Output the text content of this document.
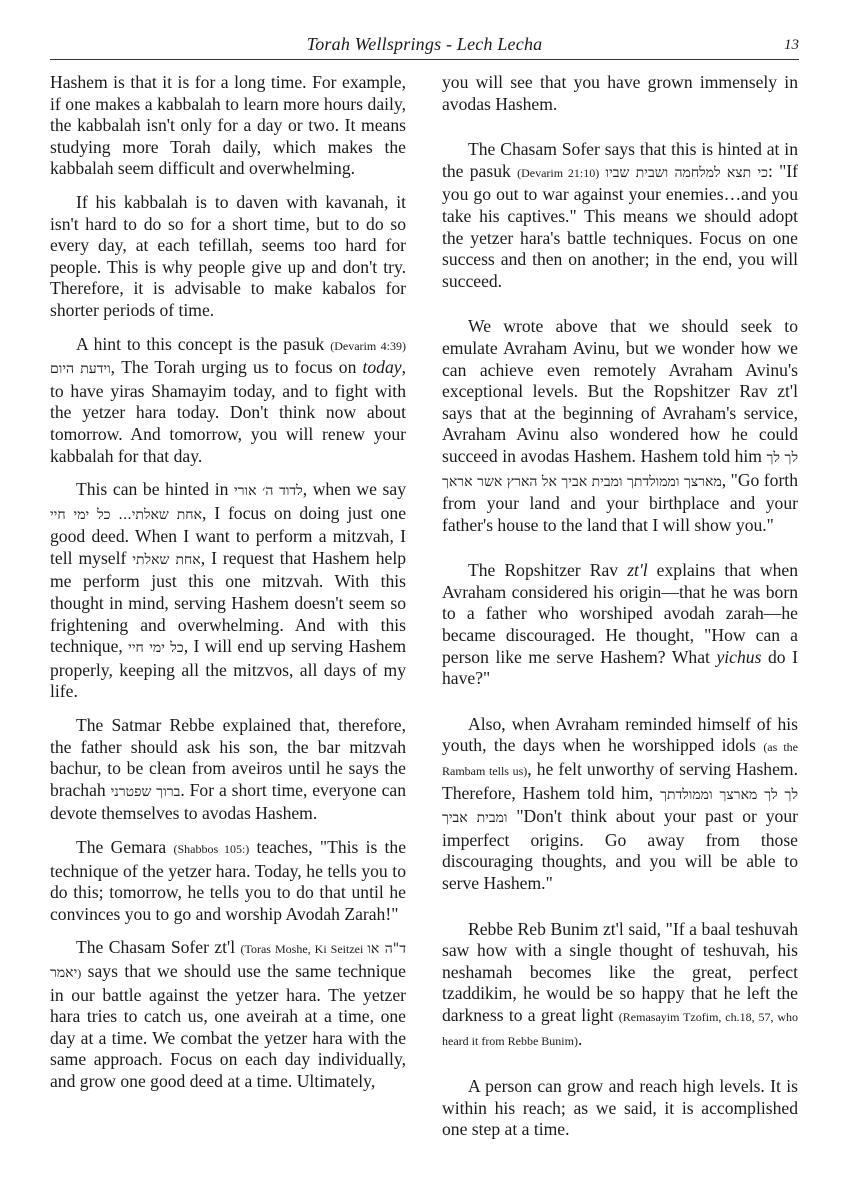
Torah Wellsprings - Lech Lecha	13

Hashem is that it is for a long time. For example, if one makes a kabbalah to learn more hours daily, the kabbalah isn't only for a day or two. It means studying more Torah daily, which makes the kabbalah seem difficult and overwhelming.

If his kabbalah is to daven with kavanah, it isn't hard to do so for a short time, but to do so every day, at each tefillah, seems too hard for people. This is why people give up and don't try. Therefore, it is advisable to make kabalos for shorter periods of time.

A hint to this concept is the pasuk (Devarim 4:39) וידעת היום, The Torah urging us to focus on today, to have yiras Shamayim today, and to fight with the yetzer hara today. Don't think now about tomorrow. And tomorrow, you will renew your kabbalah for that day.

This can be hinted in לדוד ה׳ אורי, when we say אחת שאלתי... כל ימי חיי, I focus on doing just one good deed. When I want to perform a mitzvah, I tell myself אחת שאלתי, I request that Hashem help me perform just this one mitzvah. With this thought in mind, serving Hashem doesn't seem so frightening and overwhelming. And with this technique, כל ימי חיי, I will end up serving Hashem properly, keeping all the mitzvos, all days of my life.

The Satmar Rebbe explained that, therefore, the father should ask his son, the bar mitzvah bachur, to be clean from aveiros until he says the brachah ברוך שפטרני. For a short time, everyone can devote themselves to avodas Hashem.

The Gemara (Shabbos 105:) teaches, "This is the technique of the yetzer hara. Today, he tells you to do this; tomorrow, he tells you to do that until he convinces you to go and worship Avodah Zarah!"

The Chasam Sofer zt'l (Toras Moshe, Ki Seitzei ד"ה או יאמר) says that we should use the same technique in our battle against the yetzer hara. The yetzer hara tries to catch us, one aveirah at a time, one day at a time. We combat the yetzer hara with the same approach. Focus on each day individually, and grow one good deed at a time. Ultimately,

you will see that you have grown immensely in avodas Hashem.

The Chasam Sofer says that this is hinted at in the pasuk (Devarim 21:10) כי תצא למלחמה ושבית שביו: "If you go out to war against your enemies…and you take his captives." This means we should adopt the yetzer hara's battle techniques. Focus on one success and then on another; in the end, you will succeed.

We wrote above that we should seek to emulate Avraham Avinu, but we wonder how we can achieve even remotely Avraham Avinu's exceptional levels. But the Ropshitzer Rav zt'l says that at the beginning of Avraham's service, Avraham Avinu also wondered how he could succeed in avodas Hashem. Hashem told him לך לך מארצך וממולדתך ומבית אביך אל הארץ אשר אראך, "Go forth from your land and your birthplace and your father's house to the land that I will show you."

The Ropshitzer Rav zt'l explains that when Avraham considered his origin—that he was born to a father who worshiped avodah zarah—he became discouraged. He thought, "How can a person like me serve Hashem? What yichus do I have?"

Also, when Avraham reminded himself of his youth, the days when he worshipped idols (as the Rambam tells us), he felt unworthy of serving Hashem. Therefore, Hashem told him, לך לך מארצך וממולדתך ומבית אביך "Don't think about your past or your imperfect origins. Go away from those discouraging thoughts, and you will be able to serve Hashem."

Rebbe Reb Bunim zt'l said, "If a baal teshuvah saw how with a single thought of teshuvah, his neshamah becomes like the great, perfect tzaddikim, he would be so happy that he left the darkness to a great light (Remasayim Tzofim, ch.18, 57, who heard it from Rebbe Bunim).

A person can grow and reach high levels. It is within his reach; as we said, it is accomplished one step at a time.
